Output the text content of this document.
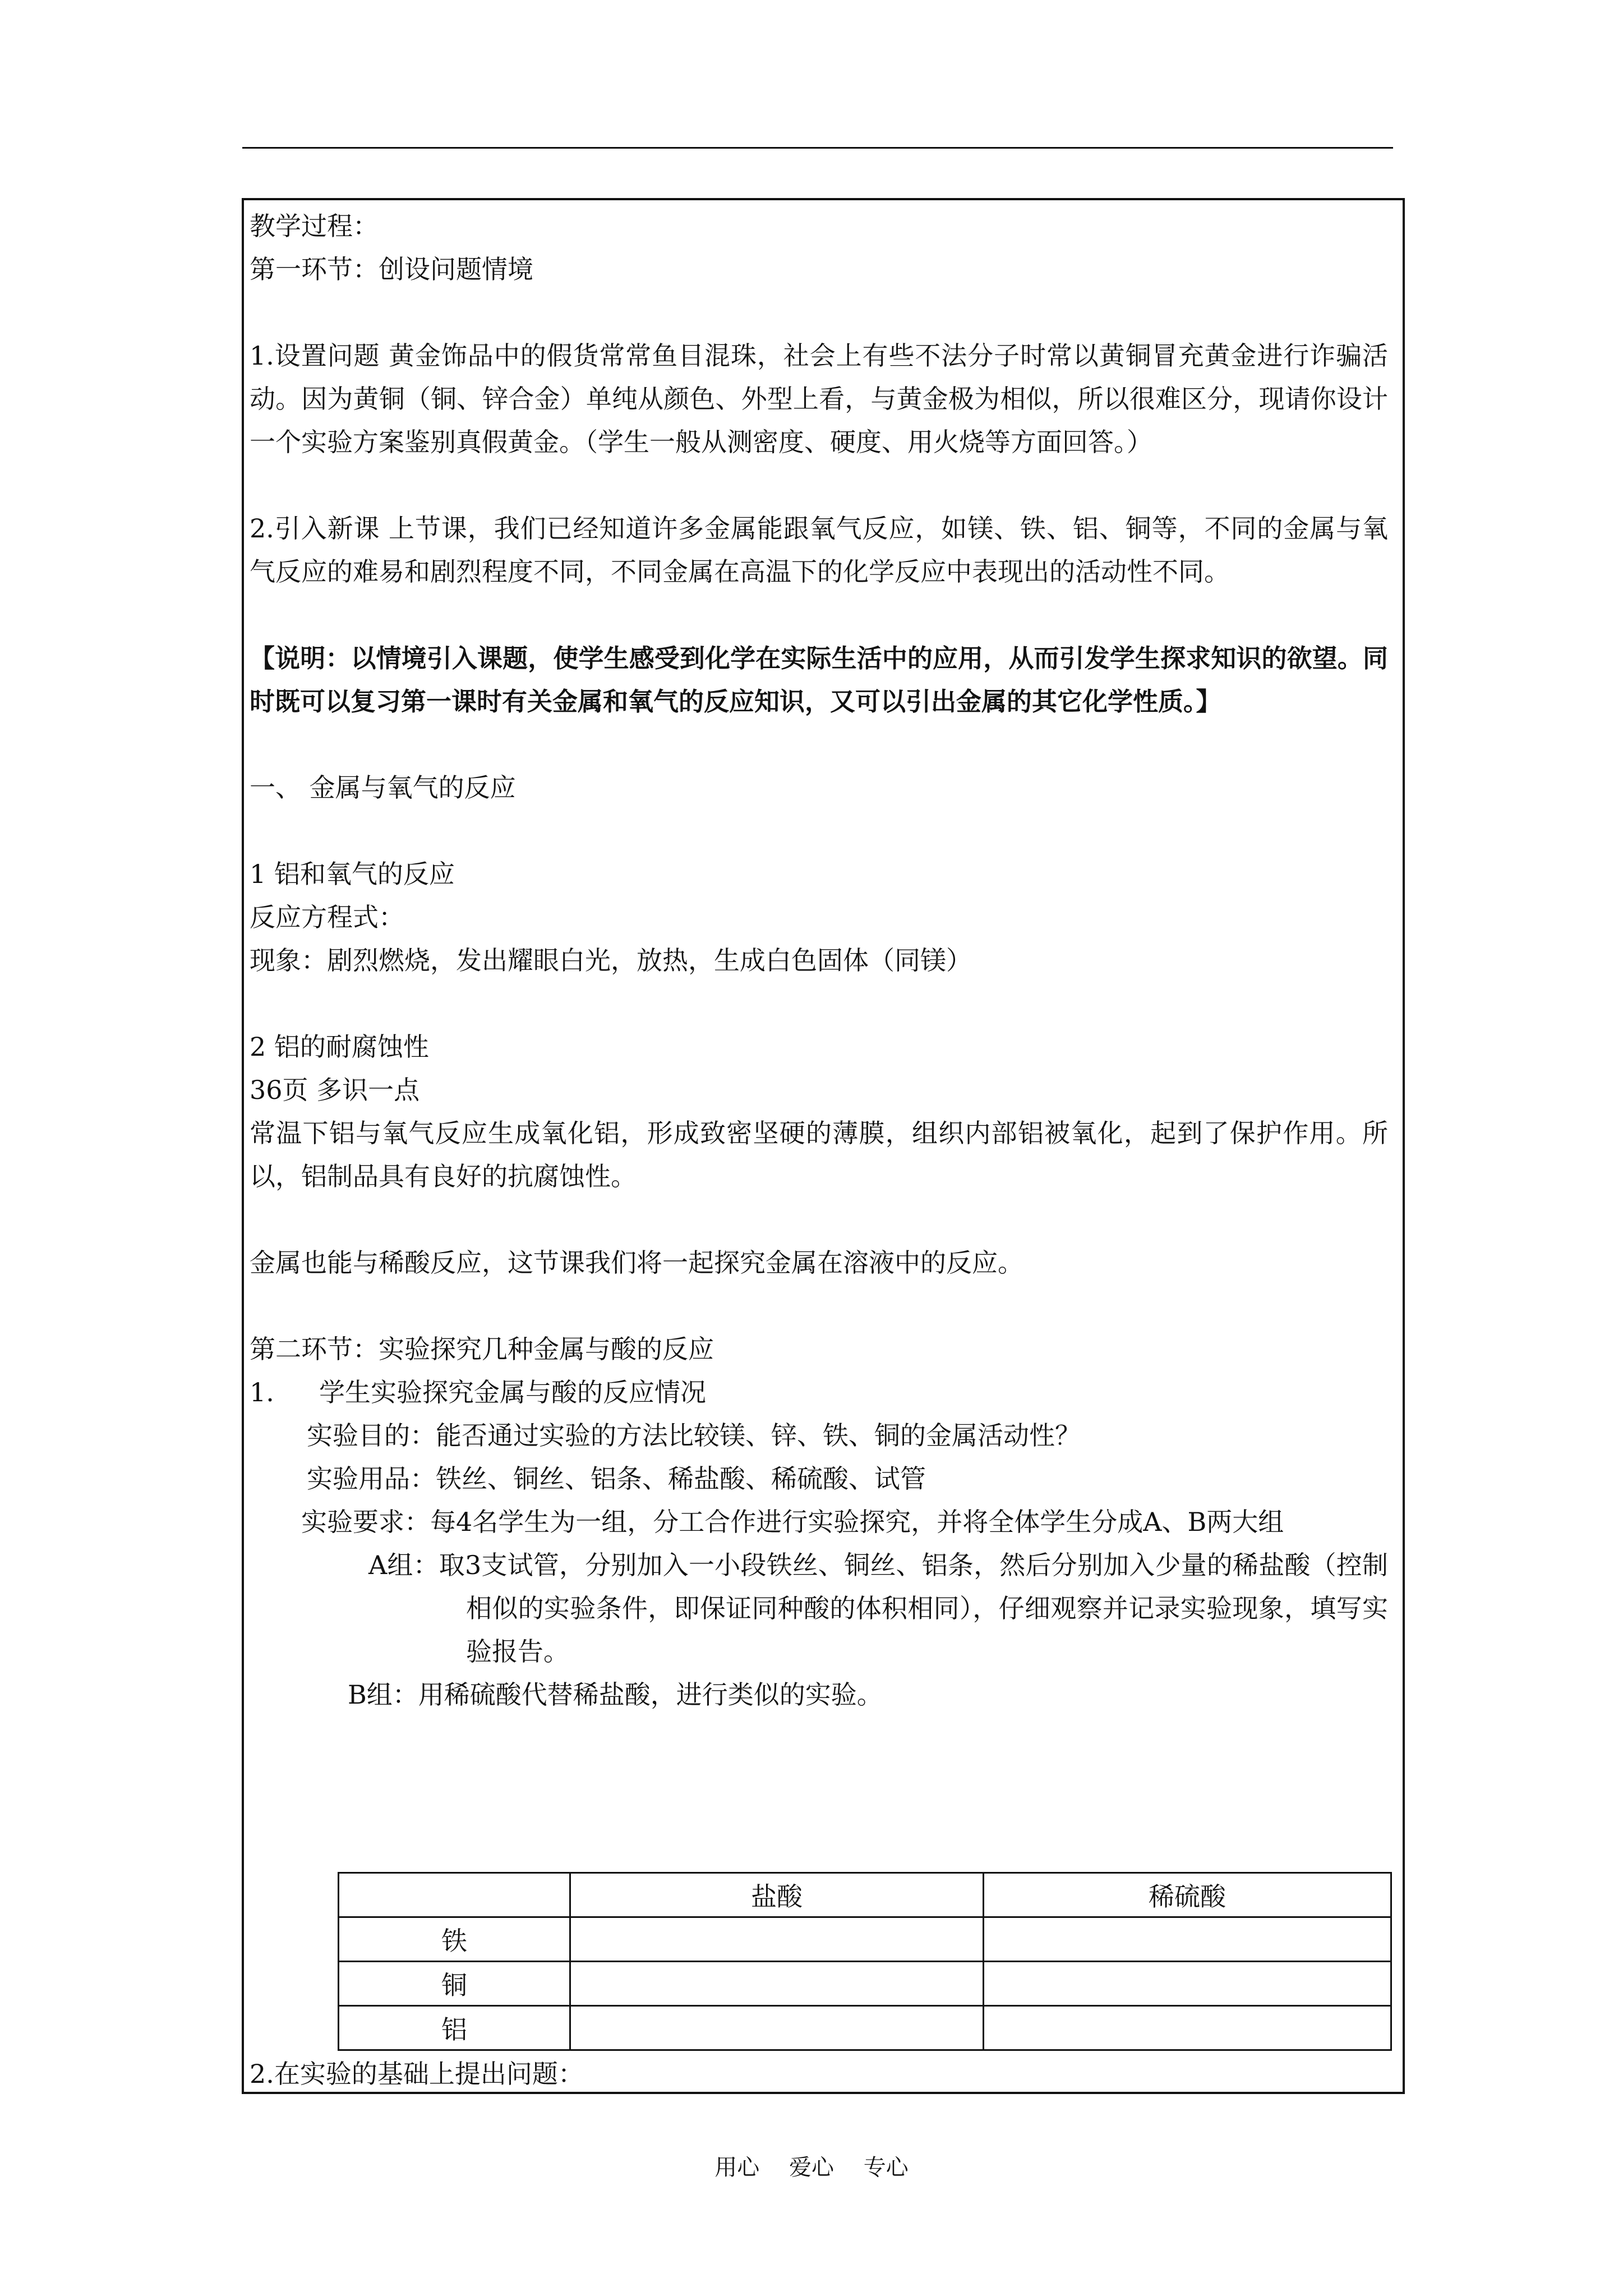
教学过程：

第一环节：创设问题情境

1.设置问题 黄金饰品中的假货常常鱼目混珠，社会上有些不法分子时常以黄铜冒充黄金进行诈骗活动。因为黄铜（铜、锌合金）单纯从颜色、外型上看，与黄金极为相似，所以很难区分，现请你设计一个实验方案鉴别真假黄金。（学生一般从测密度、硬度、用火烧等方面回答。）

2.引入新课 上节课，我们已经知道许多金属能跟氧气反应，如镁、铁、铝、铜等，不同的金属与氧气反应的难易和剧烈程度不同，不同金属在高温下的化学反应中表现出的活动性不同。

【说明：以情境引入课题，使学生感受到化学在实际生活中的应用，从而引发学生探求知识的欲望。同时既可以复习第一课时有关金属和氧气的反应知识，又可以引出金属的其它化学性质。】

一、 金属与氧气的反应

1 铝和氧气的反应

反应方程式：

现象：剧烈燃烧，发出耀眼白光，放热，生成白色固体（同镁）

2 铝的耐腐蚀性

36页 多识一点

常温下铝与氧气反应生成氧化铝，形成致密坚硬的薄膜，组织内部铝被氧化，起到了保护作用。所以，铝制品具有良好的抗腐蚀性。

金属也能与稀酸反应，这节课我们将一起探究金属在溶液中的反应。

第二环节：实验探究几种金属与酸的反应

1. 学生实验探究金属与酸的反应情况

实验目的：能否通过实验的方法比较镁、锌、铁、铜的金属活动性？

实验用品：铁丝、铜丝、铝条、稀盐酸、稀硫酸、试管

实验要求：每4名学生为一组，分工合作进行实验探究，并将全体学生分成A、B两大组

A组：取3支试管，分别加入一小段铁丝、铜丝、铝条，然后分别加入少量的稀盐酸（控制相似的实验条件，即保证同种酸的体积相同），仔细观察并记录实验现象，填写实验报告。

B组：用稀硫酸代替稀盐酸，进行类似的实验。

	盐酸	稀硫酸
铁		
铜		
铝		

2.在实验的基础上提出问题：

用心 爱心 专心
